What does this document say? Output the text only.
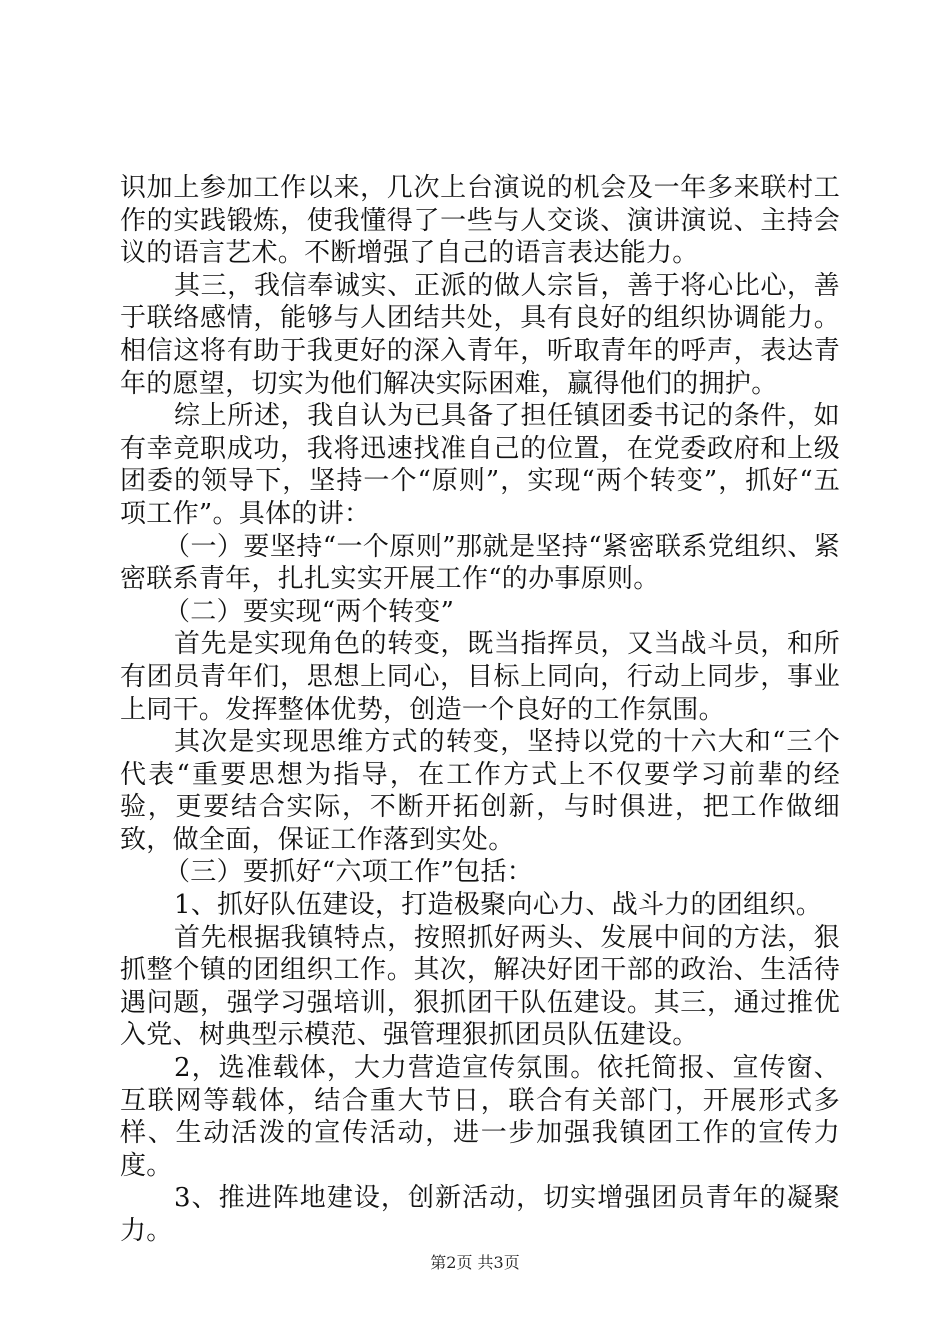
识加上参加工作以来，几次上台演说的机会及一年多来联村工作的实践锻炼，使我懂得了一些与人交谈、演讲演说、主持会议的语言艺术。不断增强了自己的语言表达能力。

其三，我信奉诚实、正派的做人宗旨，善于将心比心，善于联络感情，能够与人团结共处，具有良好的组织协调能力。相信这将有助于我更好的深入青年，听取青年的呼声，表达青年的愿望，切实为他们解决实际困难，赢得他们的拥护。

综上所述，我自认为已具备了担任镇团委书记的条件，如有幸竞职成功，我将迅速找准自己的位置，在党委政府和上级团委的领导下，坚持一个“原则”，实现“两个转变”，抓好“五项工作”。具体的讲：

（一）要坚持“一个原则”那就是坚持“紧密联系党组织、紧密联系青年，扎扎实实开展工作“的办事原则。

（二）要实现“两个转变”

首先是实现角色的转变，既当指挥员，又当战斗员，和所有团员青年们，思想上同心，目标上同向，行动上同步，事业上同干。发挥整体优势，创造一个良好的工作氛围。

其次是实现思维方式的转变，坚持以党的十六大和“三个代表“重要思想为指导，在工作方式上不仅要学习前辈的经验，更要结合实际，不断开拓创新，与时俱进，把工作做细致，做全面，保证工作落到实处。

（三）要抓好“六项工作”包括：

1、抓好队伍建设，打造极聚向心力、战斗力的团组织。

首先根据我镇特点，按照抓好两头、发展中间的方法，狠抓整个镇的团组织工作。其次，解决好团干部的政治、生活待遇问题，强学习强培训，狠抓团干队伍建设。其三，通过推优入党、树典型示模范、强管理狠抓团员队伍建设。

2，选准载体，大力营造宣传氛围。依托简报、宣传窗、互联网等载体，结合重大节日，联合有关部门，开展形式多样、生动活泼的宣传活动，进一步加强我镇团工作的宣传力度。

3、推进阵地建设，创新活动，切实增强团员青年的凝聚力。

第2页 共3页
